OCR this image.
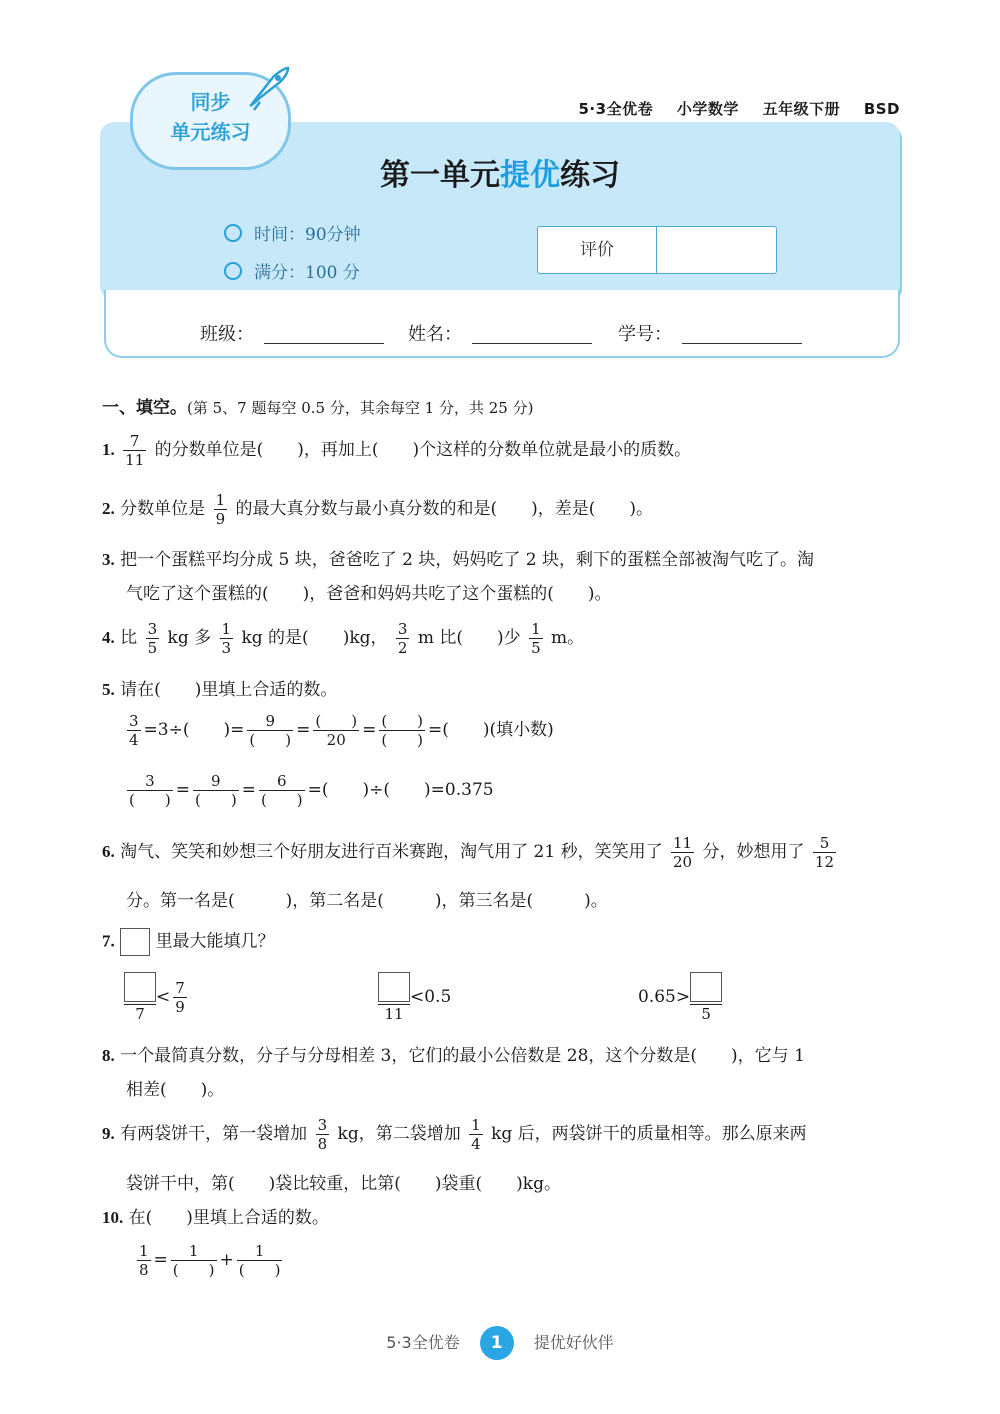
5·3全优卷 小学数学 五年级下册 BSD
同步
单元练习
第一单元提优练习
时间：90分钟
满分：100 分
评价
班级：	姓名：	学号：
一、填空。(第 5、7 题每空 0.5 分，其余每空 1 分，共 25 分)
1. $\frac{7}{11}$ 的分数单位是(　　)，再加上(　　)个这样的分数单位就是最小的质数。
2. 分数单位是 $\frac{1}{9}$ 的最大真分数与最小真分数的和是(　　)，差是(　　)。
3. 把一个蛋糕平均分成 5 块，爸爸吃了 2 块，妈妈吃了 2 块，剩下的蛋糕全部被淘气吃了。淘
气吃了这个蛋糕的(　　)，爸爸和妈妈共吃了这个蛋糕的(　　)。
4. 比 $\frac{3}{5}$ kg 多 $\frac{1}{3}$ kg 的是(　　)kg， $\frac{3}{2}$ m 比(　　)少 $\frac{1}{5}$ m。
5. 请在(　　)里填上合适的数。
$\frac{3}{4} =3\div$(　　)= $\frac{9}{( )} = \frac{( )}{20} = \frac{( )}{( )}$ =(　　)(填小数)
$\frac{3}{( )} = \frac{9}{( )} = \frac{6}{( )}$ =(　　)÷(　　)=0.375
6. 淘气、笑笑和妙想三个好朋友进行百米赛跑，淘气用了 21 秒，笑笑用了 $\frac{11}{20}$ 分，妙想用了 $\frac{5}{12}$
分。第一名是(　　　)，第二名是(　　　)，第三名是(　　　)。
7. 里最大能填几？
7
< $\frac{7}{9}$	11
<0.5	0.65>
5
8. 一个最简真分数，分子与分母相差 3，它们的最小公倍数是 28，这个分数是(　　)，它与 1
相差(　　)。
9. 有两袋饼干，第一袋增加 $\frac{3}{8}$ kg，第二袋增加 $\frac{1}{4}$ kg 后，两袋饼干的质量相等。那么原来两
袋饼干中，第(　　)袋比较重，比第(　　)袋重(　　)kg。
10. 在(　　)里填上合适的数。
$\frac{1}{8} = \frac{1}{( )} + \frac{1}{( )}$
5·3全优卷 1 提优好伙伴
